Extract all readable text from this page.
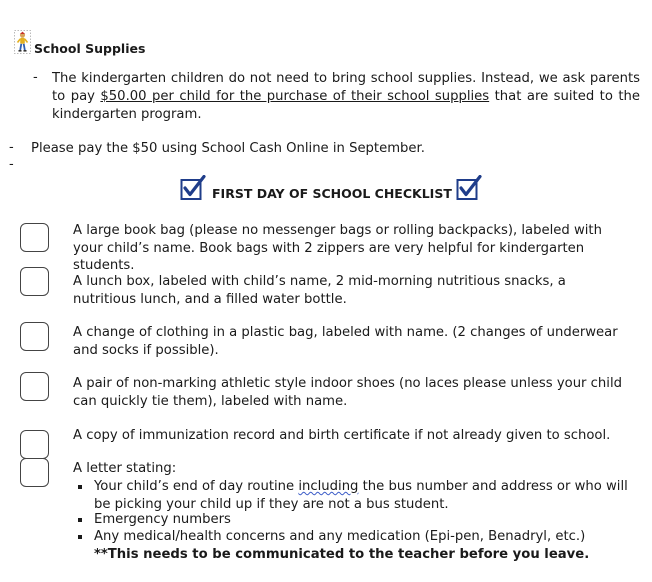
School Supplies
- The kindergarten children do not need to bring school supplies. Instead, we ask parents to pay $50.00 per child for the purchase of their school supplies that are suited to the kindergarten program.
- Please pay the $50 using School Cash Online in September.
-
FIRST DAY OF SCHOOL CHECKLIST
A large book bag (please no messenger bags or rolling backpacks), labeled with your child’s name. Book bags with 2 zippers are very helpful for kindergarten students.
A lunch box, labeled with child’s name, 2 mid-morning nutritious snacks, a nutritious lunch, and a filled water bottle.
A change of clothing in a plastic bag, labeled with name. (2 changes of underwear and socks if possible).
A pair of non-marking athletic style indoor shoes (no laces please unless your child can quickly tie them), labeled with name.
A copy of immunization record and birth certificate if not already given to school.
A letter stating:
Your child’s end of day routine including the bus number and address or who will be picking your child up if they are not a bus student.
Emergency numbers
Any medical/health concerns and any medication (Epi-pen, Benadryl, etc.) **This needs to be communicated to the teacher before you leave.
